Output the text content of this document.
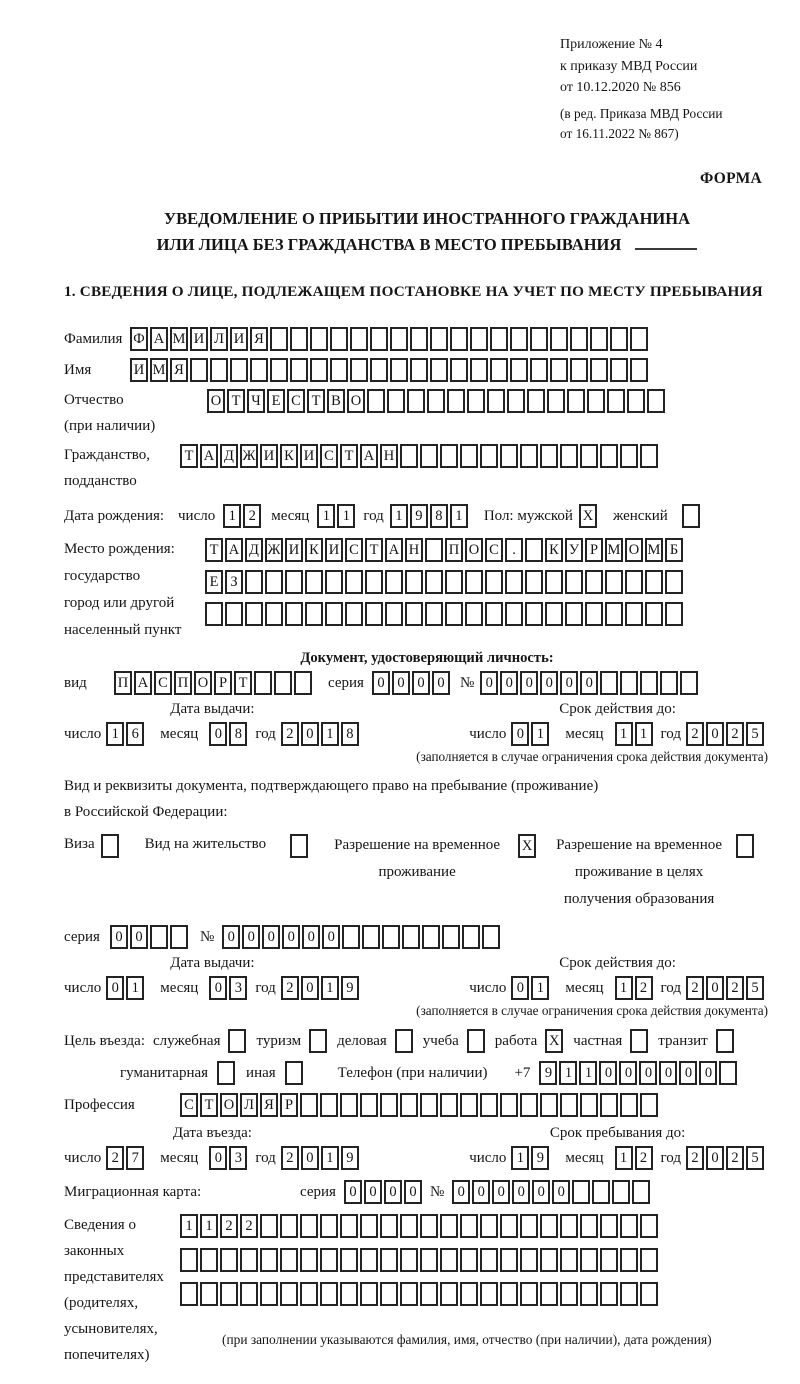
Приложение № 4
к приказу МВД России
от 10.12.2020 № 856
(в ред. Приказа МВД России
от 16.11.2022 № 867)
ФОРМА
УВЕДОМЛЕНИЕ О ПРИБЫТИИ ИНОСТРАННОГО ГРАЖДАНИНА
ИЛИ ЛИЦА БЕЗ ГРАЖДАНСТВА В МЕСТО ПРЕБЫВАНИЯ
1. СВЕДЕНИЯ О ЛИЦЕ, ПОДЛЕЖАЩЕМ ПОСТАНОВКЕ НА УЧЕТ ПО МЕСТУ ПРЕБЫВАНИЯ
Фамилия Ф А М И Л И Я
Имя	И М Я
Отчество
(при наличии)
О Т Ч Е С Т В О
Гражданство,
подданство
Т А Д Ж И К И С Т А Н
Дата рождения: число 1 2	месяц 1 1 год 1 9 8 1	Пол: мужской X	женский
Место рождения:
государство
город или другой
населенный пункт
Т А Д Ж И К И С Т А Н П О С . К У Р М О М Б Е З
Документ, удостоверяющий личность:
вид	П А С П О Р Т	серия 0 0 0 0	№ 0 0 0 0 0 0
Дата выдачи:
число 1 6	месяц	0 8 год 2 0 1 8
Срок действия до:
число 0 1	месяц	1 1 год 2 0 2 5
(заполняется в случае ограничения срока действия документа)
Вид и реквизиты документа, подтверждающего право на пребывание (проживание)
в Российской Федерации:
Виза	Вид на жительство	Разрешение на временное
проживание
X	Разрешение на временное
проживание в целях
получения образования
серия	0 0	№ 0 0 0 0 0 0
Дата выдачи:
число 0 1	месяц	0 3 год 2 0 1 9
Срок действия до:
число 0 1	месяц	1 2 год 2 0 2 5
(заполняется в случае ограничения срока действия документа)
Цель въезда: служебная туризм деловая учеба работа X частная транзит
гуманитарная	иная	Телефон (при наличии) +7 9 1 1 0 0 0 0 0 0
Профессия	С Т О Л Я Р
Дата въезда:
число 2 7	месяц	0 3 год 2 0 1 9
Срок пребывания до:
число 1 9	месяц	1 2 год 2 0 2 5
Миграционная карта:	серия 0 0 0 0 № 0 0 0 0 0 0
Сведения о
законных
представителях
(родителях,
усыновителях,
попечителях)
1 1 2 2
(при заполнении указываются фамилия, имя, отчество (при наличии), дата рождения)
